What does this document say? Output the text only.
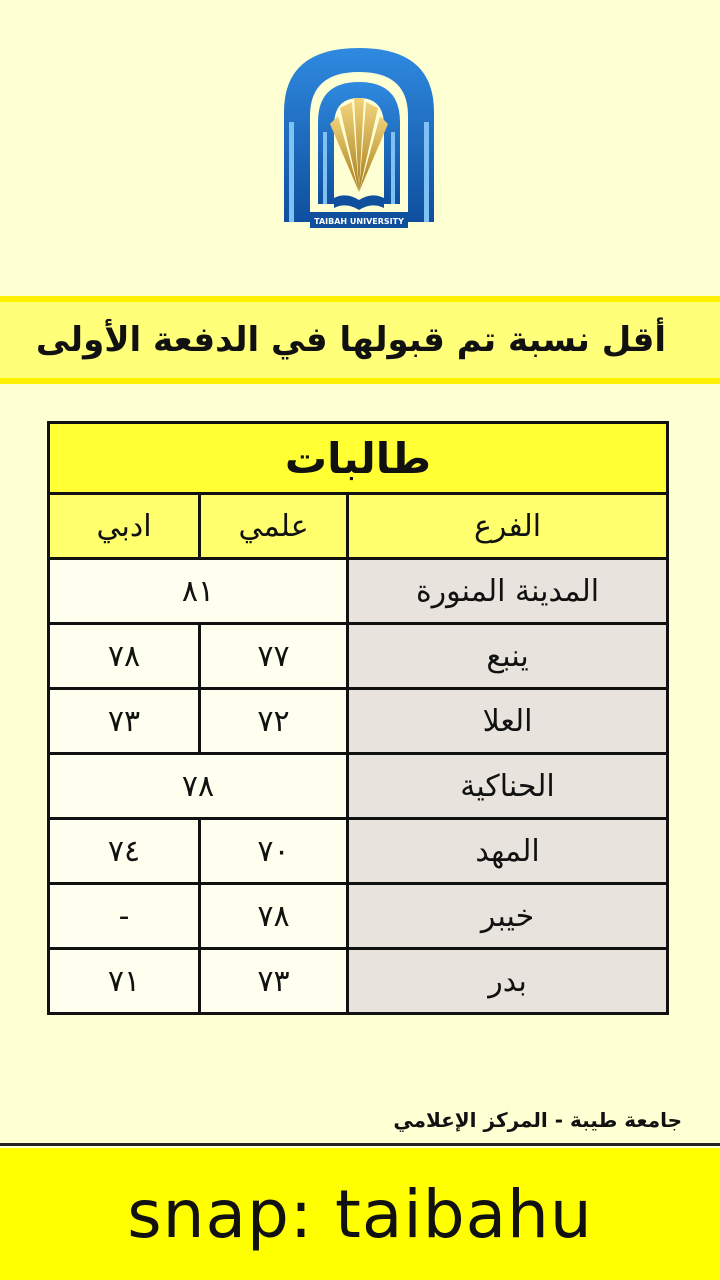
TAIBAH UNIVERSITY
أقل نسبة تم قبولها في الدفعة الأولى
طالبات		
الفرع	علمي	ادبي
المدينة المنورة	٨١	
ينبع	٧٧	٧٨
العلا	٧٢	٧٣
الحناكية	٧٨	
المهد	٧٠	٧٤
خيبر	٧٨	-
بدر	٧٣	٧١
جامعة طيبة - المركز الإعلامي
snap: taibahu
